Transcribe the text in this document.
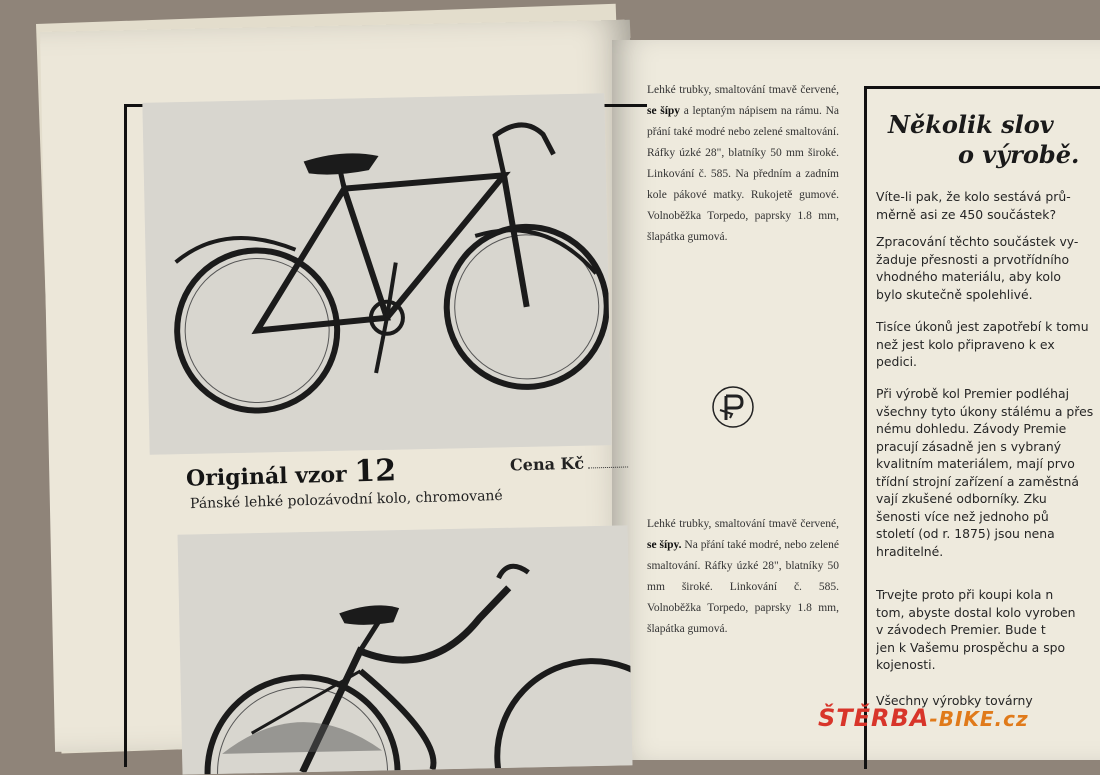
Originál vzor 12	Cena Kč
Pánské lehké polozávodní kolo, chromované
Lehké trubky, smaltování tmavě červené, se šípy a leptaným nápisem na rámu. Na přání také modré nebo zelené smaltování. Ráfky úzké 28", blatníky 50 mm široké. Linkování č. 585. Na předním a zadním kole pákové matky. Rukojetě gumové. Volnoběžka Torpedo, paprsky 1.8 mm, šlapátka gumová.
Lehké trubky, smaltování tmavě červené, se šípy. Na přání také modré, nebo zelené smaltování. Ráfky úzké 28", blatníky 50 mm široké. Linkování č. 585. Volnoběžka Torpedo, paprsky 1.8 mm, šlapátka gumová.
Několik slov
o výrobě.
Víte-li pak, že kolo sestává prů-
měrně asi ze 450 součástek?
Zpracování těchto součástek vy-
žaduje přesnosti a prvotřídního
vhodného materiálu, aby kolo
bylo skutečně spolehlivé.
Tisíce úkonů jest zapotřebí k tomu
než jest kolo připraveno k ex
pedici.
Při výrobě kol Premier podléhaj
všechny tyto úkony stálému a přes
nému dohledu. Závody Premie
pracují zásadně jen s vybraný
kvalitním materiálem, mají prvo
třídní strojní zařízení a zaměstná
vají zkušené odborníky. Zku
šenosti více než jednoho pů
století (od r. 1875) jsou nena
hraditelné.
Trvejte proto při koupi kola n
tom, abyste dostal kolo vyroben
v závodech Premier. Bude t
jen k Vašemu prospěchu a spo
kojenosti.
Všechny výrobky továrny
ŠTĚRBA-BIKE.cz
